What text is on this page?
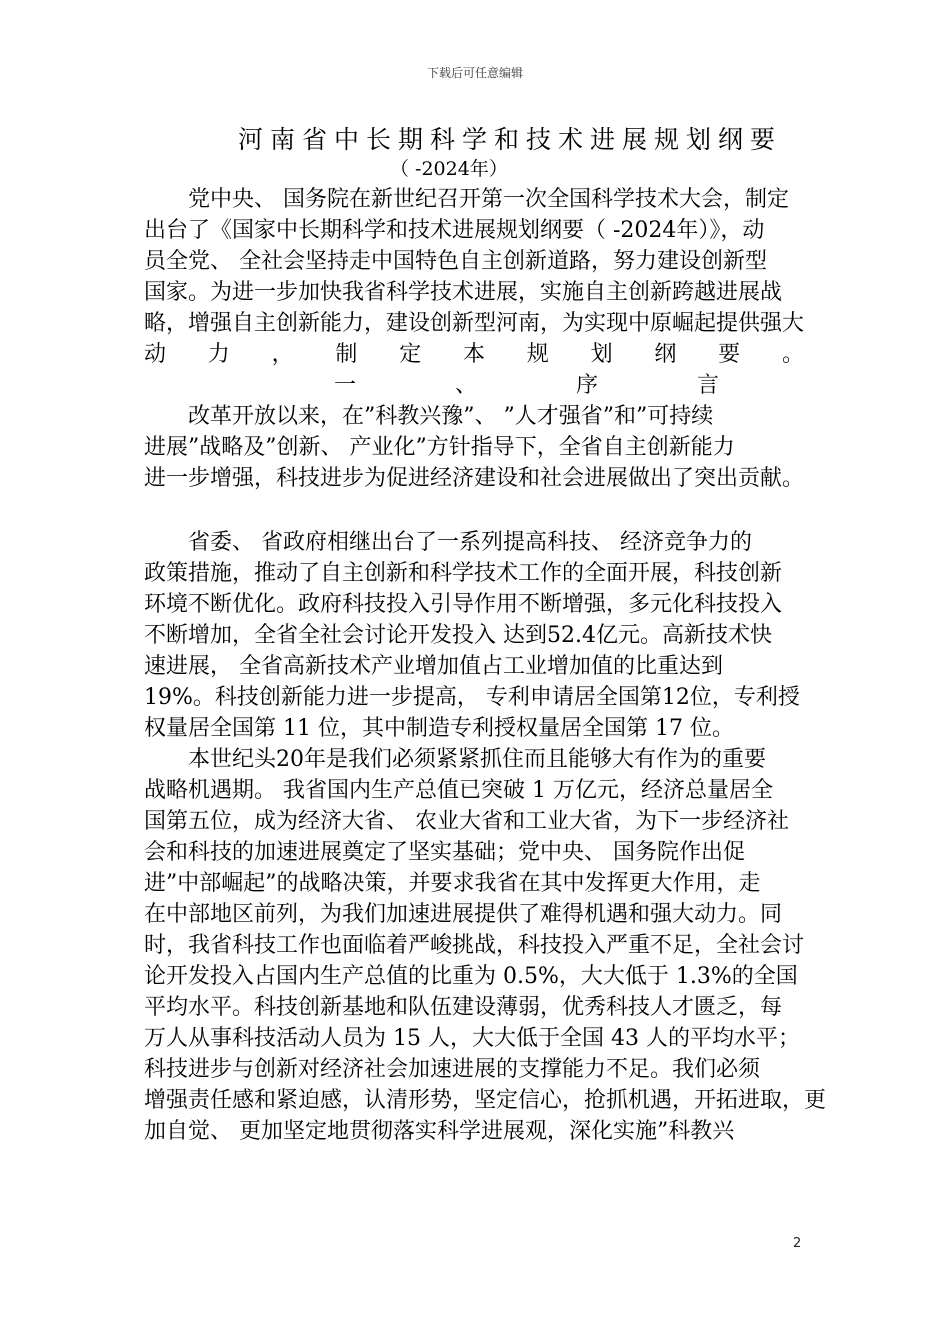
下载后可任意编辑
河南省中长期科学和技术进展规划纲要
（ -2024年）
　　党中央、 国务院在新世纪召开第一次全国科学技术大会，制定
出台了《国家中长期科学和技术进展规划纲要（ -2024年）》，动
员全党、 全社会坚持走中国特色自主创新道路，努力建设创新型
国家。为进一步加快我省科学技术进展，实施自主创新跨越进展战
略，增强自主创新能力，建设创新型河南，为实现中原崛起提供强大
动 力 ， 制 定 本 规 划 纲 要 。
一	、	序	言
　　改革开放以来，在”科教兴豫”、 ”人才强省”和”可持续
进展”战略及”创新、 产业化”方针指导下，全省自主创新能力
进一步增强，科技进步为促进经济建设和社会进展做出了突出贡献。
　　省委、 省政府相继出台了一系列提高科技、 经济竞争力的
政策措施，推动了自主创新和科学技术工作的全面开展，科技创新
环境不断优化。政府科技投入引导作用不断增强，多元化科技投入
不断增加，全省全社会讨论开发投入 达到52.4亿元。高新技术快
速进展， 全省高新技术产业增加值占工业增加值的比重达到
19%。科技创新能力进一步提高， 专利申请居全国第12位，专利授
权量居全国第 11 位，其中制造专利授权量居全国第 17 位。
　　本世纪头20年是我们必须紧紧抓住而且能够大有作为的重要
战略机遇期。 我省国内生产总值已突破 1 万亿元，经济总量居全
国第五位，成为经济大省、 农业大省和工业大省，为下一步经济社
会和科技的加速进展奠定了坚实基础；党中央、 国务院作出促
进”中部崛起”的战略决策，并要求我省在其中发挥更大作用，走
在中部地区前列，为我们加速进展提供了难得机遇和强大动力。同
时，我省科技工作也面临着严峻挑战，科技投入严重不足，全社会讨
论开发投入占国内生产总值的比重为 0.5%，大大低于 1.3%的全国
平均水平。科技创新基地和队伍建设薄弱，优秀科技人才匮乏，每
万人从事科技活动人员为 15 人，大大低于全国 43 人的平均水平；
科技进步与创新对经济社会加速进展的支撑能力不足。我们必须
增强责任感和紧迫感，认清形势，坚定信心，抢抓机遇，开拓进取，更
加自觉、 更加坚定地贯彻落实科学进展观，深化实施”科教兴
2
